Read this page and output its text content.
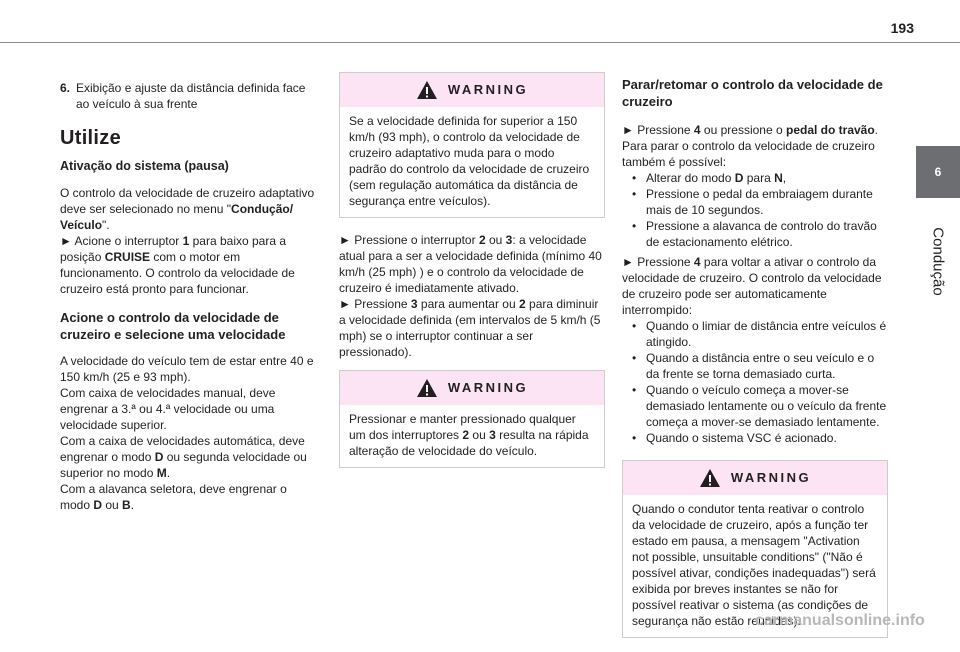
193
6
Condução
6. Exibição e ajuste da distância definida face ao veículo à sua frente
Utilize
Ativação do sistema (pausa)

O controlo da velocidade de cruzeiro adaptativo deve ser selecionado no menu "Condução/ Veículo".
► Acione o interruptor 1 para baixo para a posição CRUISE com o motor em funcionamento. O controlo da velocidade de cruzeiro está pronto para funcionar.

Acione o controlo da velocidade de cruzeiro e selecione uma velocidade

A velocidade do veículo tem de estar entre 40 e 150 km/h (25 e 93 mph).

Com caixa de velocidades manual, deve engrenar a 3.ª ou 4.ª velocidade ou uma velocidade superior.

Com a caixa de velocidades automática, deve engrenar o modo D ou segunda velocidade ou superior no modo M.

Com a alavanca seletora, deve engrenar o modo D ou B.

WARNING
Se a velocidade definida for superior a 150 km/h (93 mph), o controlo da velocidade de cruzeiro adaptativo muda para o modo padrão do controlo da velocidade de cruzeiro (sem regulação automática da distância de segurança entre veículos).

► Pressione o interruptor 2 ou 3: a velocidade atual para a ser a velocidade definida (mínimo 40 km/h (25 mph) ) e o controlo da velocidade de cruzeiro é imediatamente ativado.
► Pressione 3 para aumentar ou 2 para diminuir a velocidade definida (em intervalos de 5 km/h (5 mph) se o interruptor continuar a ser pressionado).

WARNING
Pressionar e manter pressionado qualquer um dos interruptores 2 ou 3 resulta na rápida alteração de velocidade do veículo.
Parar/retomar o controlo da velocidade de cruzeiro

► Pressione 4 ou pressione o pedal do travão.

Para parar o controlo da velocidade de cruzeiro também é possível:

• Alterar do modo D para N,
• Pressione o pedal da embraiagem durante mais de 10 segundos.
• Pressione a alavanca de controlo do travão de estacionamento elétrico.

► Pressione 4 para voltar a ativar o controlo da velocidade de cruzeiro. O controlo da velocidade de cruzeiro pode ser automaticamente interrompido:

• Quando o limiar de distância entre veículos é atingido.
• Quando a distância entre o seu veículo e o da frente se torna demasiado curta.
• Quando o veículo começa a mover-se demasiado lentamente ou o veículo da frente começa a mover-se demasiado lentamente.
• Quando o sistema VSC é acionado.
WARNING
Quando o condutor tenta reativar o controlo da velocidade de cruzeiro, após a função ter estado em pausa, a mensagem "Activation not possible, unsuitable conditions" ("Não é possível ativar, condições inadequadas") será exibida por breves instantes se não for possível reativar o sistema (as condições de segurança não estão reunidas).
carmanualsonline.info
